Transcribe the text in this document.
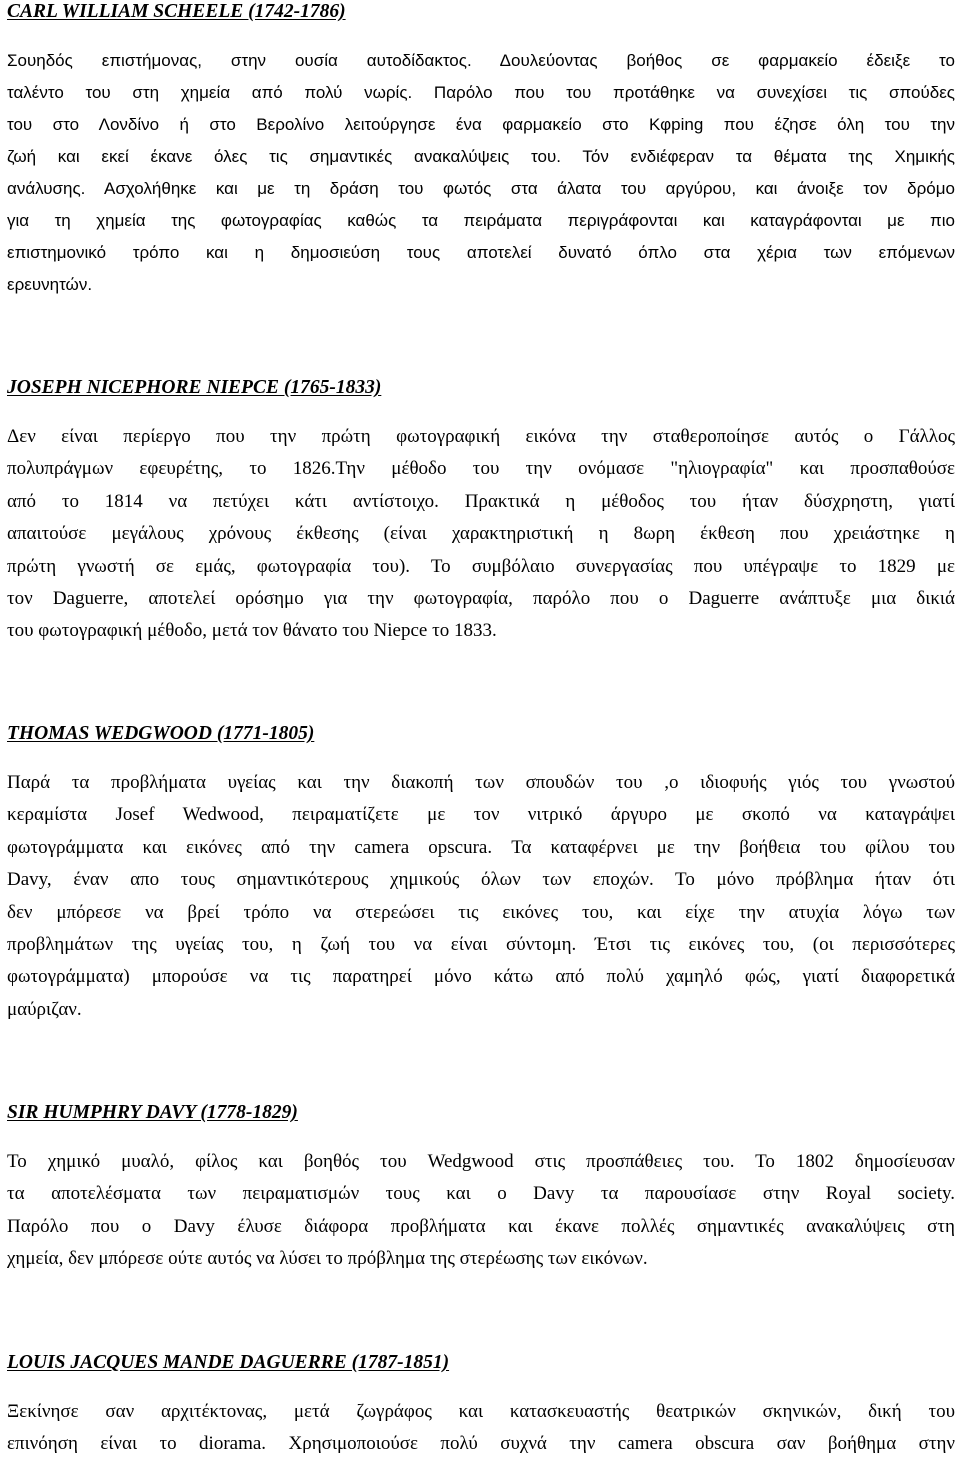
CARL WILLIAM SCHEELE (1742-1786)

Σουηδός επιστήμονας, στην ουσία αυτοδίδακτος. Δουλεύοντας βοήθος σε φαρμακείο έδειξε το
ταλέντο του στη χημεία από πολύ νωρίς. Παρόλο που του προτάθηκε να συνεχίσει τις σπούδες
του στο Λονδίνο ή στο Βερολίνο λειτούργησε ένα φαρμακείο στο Κφping που έζησε όλη του την
ζωή και εκεί έκανε όλες τις σημαντικές ανακαλύψεις του. Τόν ενδιέφεραν τα θέματα της Χημικής
ανάλυσης. Ασχολήθηκε και με τη δράση του φωτός στα άλατα του αργύρου, και άνοιξε τον δρόμο
για τη χημεία της φωτογραφίας καθώς τα πειράματα περιγράφονται και καταγράφονται με πιο
επιστημονικό τρόπο και η δημοσιεύση τους αποτελεί δυνατό όπλο στα χέρια των επόμενων
ερευνητών.

JOSEPH NICEPHORE NIEPCE (1765-1833)

Δεν είναι περίεργο που την πρώτη φωτογραφική εικόνα την σταθεροποίησε αυτός ο Γάλλος
πολυπράγμων εφευρέτης, το 1826.Την μέθοδο του την ονόμασε "ηλιογραφία" και προσπαθούσε
από το 1814 να πετύχει κάτι αντίστοιχο. Πρακτικά η μέθοδος του ήταν δύσχρηστη, γιατί
απαιτούσε μεγάλους χρόνους έκθεσης (είναι χαρακτηριστική η 8ωρη έκθεση που χρειάστηκε η
πρώτη γνωστή σε εμάς, φωτογραφία του). Το συμβόλαιο συνεργασίας που υπέγραψε το 1829 με
τον Daguerre, αποτελεί ορόσημο για την φωτογραφία, παρόλο που ο Daguerre ανάπτυξε μια δικιά
του φωτογραφική μέθοδο, μετά τον θάνατο του Niepce το 1833.

THOMAS WEDGWOOD (1771-1805)

Παρά τα προβλήματα υγείας και την διακοπή των σπουδών του ,ο ιδιοφυής γιός του γνωστού
κεραμίστα Josef Wedwood, πειραματίζετε με τον νιτρικό άργυρο με σκοπό να καταγράψει
φωτογράμματα και εικόνες από την camera opscura. Τα καταφέρνει με την βοήθεια του φίλου του
Davy, έναν απο τους σημαντικότερους χημικούς όλων των εποχών. Το μόνο πρόβλημα ήταν ότι
δεν μπόρεσε να βρεί τρόπο να στερεώσει τις εικόνες του, και είχε την ατυχία λόγω των
προβλημάτων της υγείας του, η ζωή του να είναι σύντομη. Έτσι τις εικόνες του, (οι περισσότερες
φωτογράμματα) μπορούσε να τις παρατηρεί μόνο κάτω από πολύ χαμηλό φώς, γιατί διαφορετικά
μαύριζαν.

SIR HUMPHRY DAVY (1778-1829)

Το χημικό μυαλό, φίλος και βοηθός του Wedgwood στις προσπάθειες του. Το 1802 δημοσίευσαν
τα αποτελέσματα των πειραματισμών τους και ο Davy τα παρουσίασε στην Royal society.
Παρόλο που ο Davy έλυσε διάφορα προβλήματα και έκανε πολλές σημαντικές ανακαλύψεις στη
χημεία, δεν μπόρεσε ούτε αυτός να λύσει το πρόβλημα της στερέωσης των εικόνων.

LOUIS JACQUES MANDE DAGUERRE (1787-1851)

Ξεκίνησε σαν αρχιτέκτονας, μετά ζωγράφος και κατασκευαστής θεατρικών σκηνικών, δική του
επινόηση είναι το diorama. Χρησιμοποιούσε πολύ συχνά την camera obscura σαν βοήθημα στην
